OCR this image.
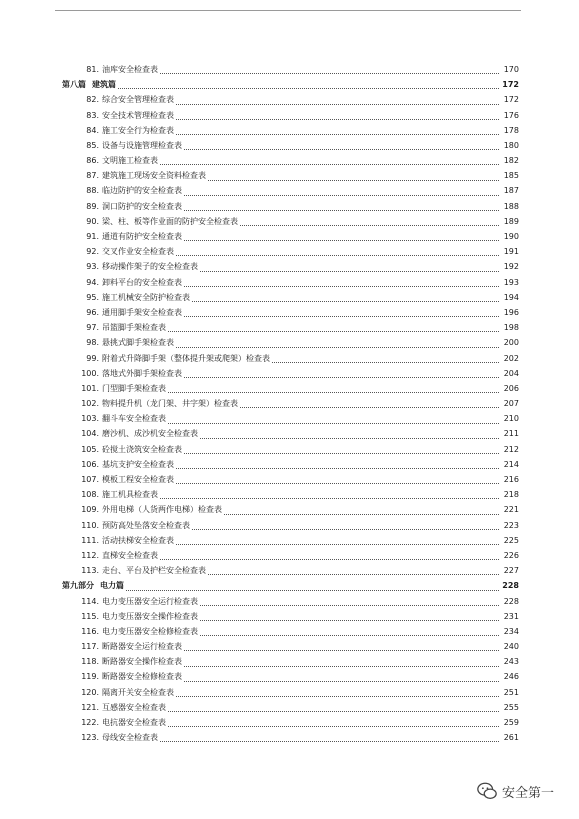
81. 油库安全检查表	170
第八篇 建筑篇	172
82. 综合安全管理检查表	172
83. 安全技术管理检查表	176
84. 施工安全行为检查表	178
85. 设备与设施管理检查表	180
86. 文明施工检查表	182
87. 建筑施工现场安全资料检查表	185
88. 临边防护的安全检查表	187
89. 洞口防护的安全检查表	188
90. 梁、柱、板等作业面的防护安全检查表	189
91. 通道有防护安全检查表	190
92. 交叉作业安全检查表	191
93. 移动操作架子的安全检查表	192
94. 卸料平台的安全检查表	193
95. 施工机械安全防护检查表	194
96. 通用脚手架安全检查表	196
97. 吊篮脚手架检查表	198
98. 悬挑式脚手架检查表	200
99. 附着式升降脚手架（整体提升架或爬架）检查表	202
100. 落地式外脚手架检查表	204
101. 门型脚手架检查表	206
102. 物料提升机（龙门架、井字架）检查表	207
103. 翻斗车安全检查表	210
104. 磨沙机、成沙机安全检查表	211
105. 砼搅土浇筑安全检查表	212
106. 基坑支护安全检查表	214
107. 模板工程安全检查表	216
108. 施工机具检查表	218
109. 外用电梯（人货两作电梯）检查表	221
110. 预防高处坠落安全检查表	223
111. 活动扶梯安全检查表	225
112. 直梯安全检查表	226
113. 走台、平台及护栏安全检查表	227
第九部分 电力篇	228
114. 电力变压器安全运行检查表	228
115. 电力变压器安全操作检查表	231
116. 电力变压器安全检修检查表	234
117. 断路器安全运行检查表	240
118. 断路器安全操作检查表	243
119. 断路器安全检修检查表	246
120. 隔离开关安全检查表	251
121. 互感器安全检查表	255
122. 电抗器安全检查表	259
123. 母线安全检查表	261
安全第一
